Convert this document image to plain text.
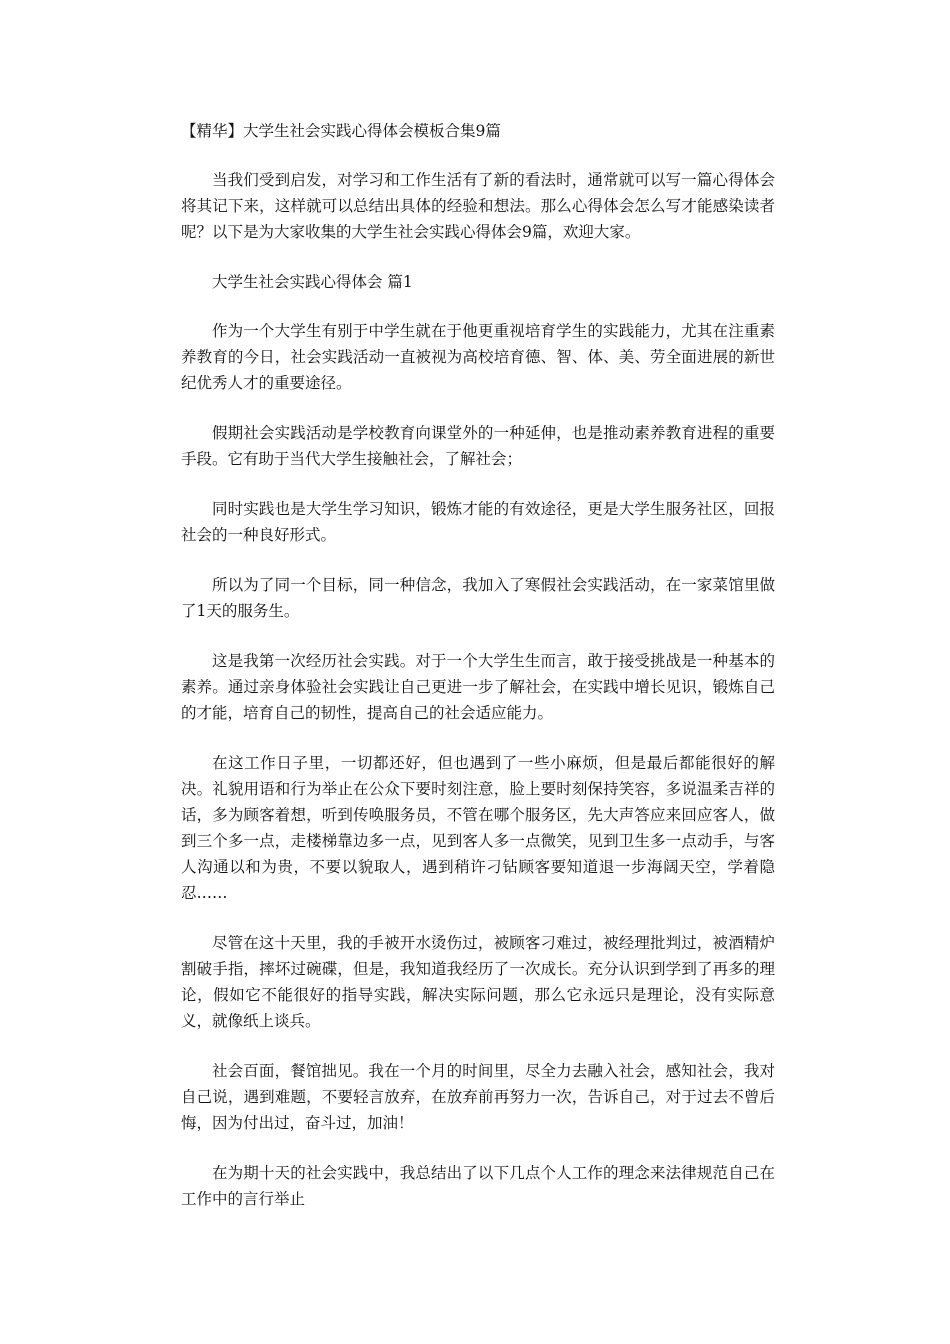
【精华】大学生社会实践心得体会模板合集9篇

当我们受到启发，对学习和工作生活有了新的看法时，通常就可以写一篇心得体会将其记下来，这样就可以总结出具体的经验和想法。那么心得体会怎么写才能感染读者呢？以下是为大家收集的大学生社会实践心得体会9篇，欢迎大家。

大学生社会实践心得体会 篇1

作为一个大学生有别于中学生就在于他更重视培育学生的实践能力，尤其在注重素养教育的今日，社会实践活动一直被视为高校培育德、智、体、美、劳全面进展的新世纪优秀人才的重要途径。

假期社会实践活动是学校教育向课堂外的一种延伸，也是推动素养教育进程的重要手段。它有助于当代大学生接触社会，了解社会；

同时实践也是大学生学习知识，锻炼才能的有效途径，更是大学生服务社区，回报社会的一种良好形式。

所以为了同一个目标，同一种信念，我加入了寒假社会实践活动，在一家菜馆里做了1天的服务生。

这是我第一次经历社会实践。对于一个大学生生而言，敢于接受挑战是一种基本的素养。通过亲身体验社会实践让自己更进一步了解社会，在实践中增长见识，锻炼自己的才能，培育自己的韧性，提高自己的社会适应能力。

在这工作日子里，一切都还好，但也遇到了一些小麻烦，但是最后都能很好的解决。礼貌用语和行为举止在公众下要时刻注意，脸上要时刻保持笑容，多说温柔吉祥的话，多为顾客着想，听到传唤服务员，不管在哪个服务区，先大声答应来回应客人，做到三个多一点，走楼梯靠边多一点，见到客人多一点微笑，见到卫生多一点动手，与客人沟通以和为贵，不要以貌取人，遇到稍许刁钻顾客要知道退一步海阔天空，学着隐忍……

尽管在这十天里，我的手被开水烫伤过，被顾客刁难过，被经理批判过，被酒精炉割破手指，摔坏过碗碟，但是，我知道我经历了一次成长。充分认识到学到了再多的理论，假如它不能很好的指导实践，解决实际问题，那么它永远只是理论，没有实际意义，就像纸上谈兵。

社会百面，餐馆拙见。我在一个月的时间里，尽全力去融入社会，感知社会，我对自己说，遇到难题，不要轻言放弃，在放弃前再努力一次，告诉自己，对于过去不曾后悔，因为付出过，奋斗过，加油！

在为期十天的社会实践中，我总结出了以下几点个人工作的理念来法律规范自己在工作中的言行举止
